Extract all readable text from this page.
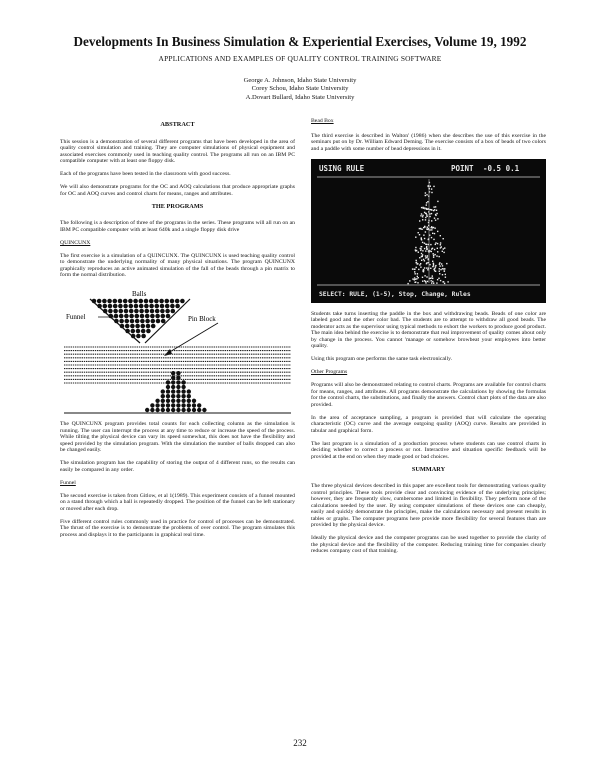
Developments In Business Simulation & Experiential Exercises, Volume 19, 1992
APPLICATIONS AND EXAMPLES OF QUALITY CONTROL TRAINING SOFTWARE
George A. Johnson, Idaho State University
Corey Schou, Idaho State University
A.Dovart Bullard, Idaho State University
ABSTRACT

This session is a demonstration of several different programs that have been developed in the area of quality control simulation and training. They are computer simulations of physical equipment and associated exercises commonly used in teaching quality control. The programs all run on an IBM PC compatible computer with at least one floppy disk.

Each of the programs have been tested in the classroom with good success.

We will also demonstrate programs for the OC and AOQ calculations that produce appropriate graphs for OC and AOQ curves and control charts for means, ranges and attributes.

THE PROGRAMS

The following is a description of three of the programs in the series. These programs will all run on an IBM PC compatible computer with at least 640k and a single floppy disk drive

QUINCUNX

The first exercise is a simulation of a QUINCUNX. The QUINCUNX is used teaching quality control to demonstrate the underlying normality of many physical situations. The program QUINCUNX graphically reproduces an active animated simulation of the fall of the beads through a pin matrix to form the normal distribution.

Balls
Funnel	Pin Block

The QUINCUNX program provides total counts for each collecting column as the simulation is running. The user can interrupt the process at any time to reduce or increase the speed of the process. While tilting the physical device can vary its speed somewhat, this does not have the flexibility and speed provided by the simulation program. With the simulation the number of balls dropped can also be changed easily.

The simulation program has the capability of storing the output of 4 different runs, so the results can easily be compared in any order.

Funnel

The second exercise is taken from Gitlow, et al 1(1989). This experiment consists of a funnel mounted on a stand through which a ball is repeatedly dropped. The position of the funnel can be left stationary or moved after each drop.

Five different control rules commonly used in practice for control of processes can be demonstrated. The thrust of the exercise is to demonstrate the problems of over control. The program simulates this process and displays it to the participants in graphical real time.

Bead Box

The third exercise is described in Walton' (1986) when she describes the use of this exercise in the seminars put on by Dr. William Edward Deming. The exercise consists of a box of beads of two colors and a paddle with some number of bead depressions in it.

USING RULE	POINT -0.5 0.1
SELECT: RULE, (1-5), Stop, Change, Rules

Students take turns inserting the paddle in the box and withdrawing beads. Beads of one color are labeled good and the other color bad. The students are to attempt to withdraw all good beads. The moderator acts as the supervisor using typical methods to exhort the workers to produce good product. The main idea behind the exercise is to demonstrate that real improvement of quality comes about only by change in the process. You cannot 'manage or somehow browbeat your employees into better quality.

Using this program one performs the same task electronically.

Other Programs

Programs will also be demonstrated relating to control charts. Programs are available for control charts for means, ranges, and attributes. All programs demonstrate the calculations by showing the formulas for the control charts, the substitutions, and finally the answers. Control chart plots of the data are also provided.

In the area of acceptance sampling, a program is provided that will calculate the operating characteristic (OC) curve and the average outgoing quality (AOQ) curve. Results are provided in tabular and graphical form.

The last program is a simulation of a production process where students can use control charts in deciding whether to correct a process or not. Interactive and situation specific feedback will be provided at the end on when they made good or bad choices.

SUMMARY

The three physical devices described in this paper are excellent tools for demonstrating various quality control principles. These tools provide clear and convincing evidence of the underlying principles; however, they are frequently slow, cumbersome and limited in flexibility. They perform none of the calculations needed by the user. By using computer simulations of these devices one can cheaply, easily and quickly demonstrate the principles, make the calculations necessary and present results in tables or graphs. The computer programs here provide more flexibility for several features than are provided by the physical device.

Ideally the physical device and the computer programs can be used together to provide the clarity of the physical device and the flexibility of the computer. Reducing training time for companies clearly reduces company cost of that training.

232
